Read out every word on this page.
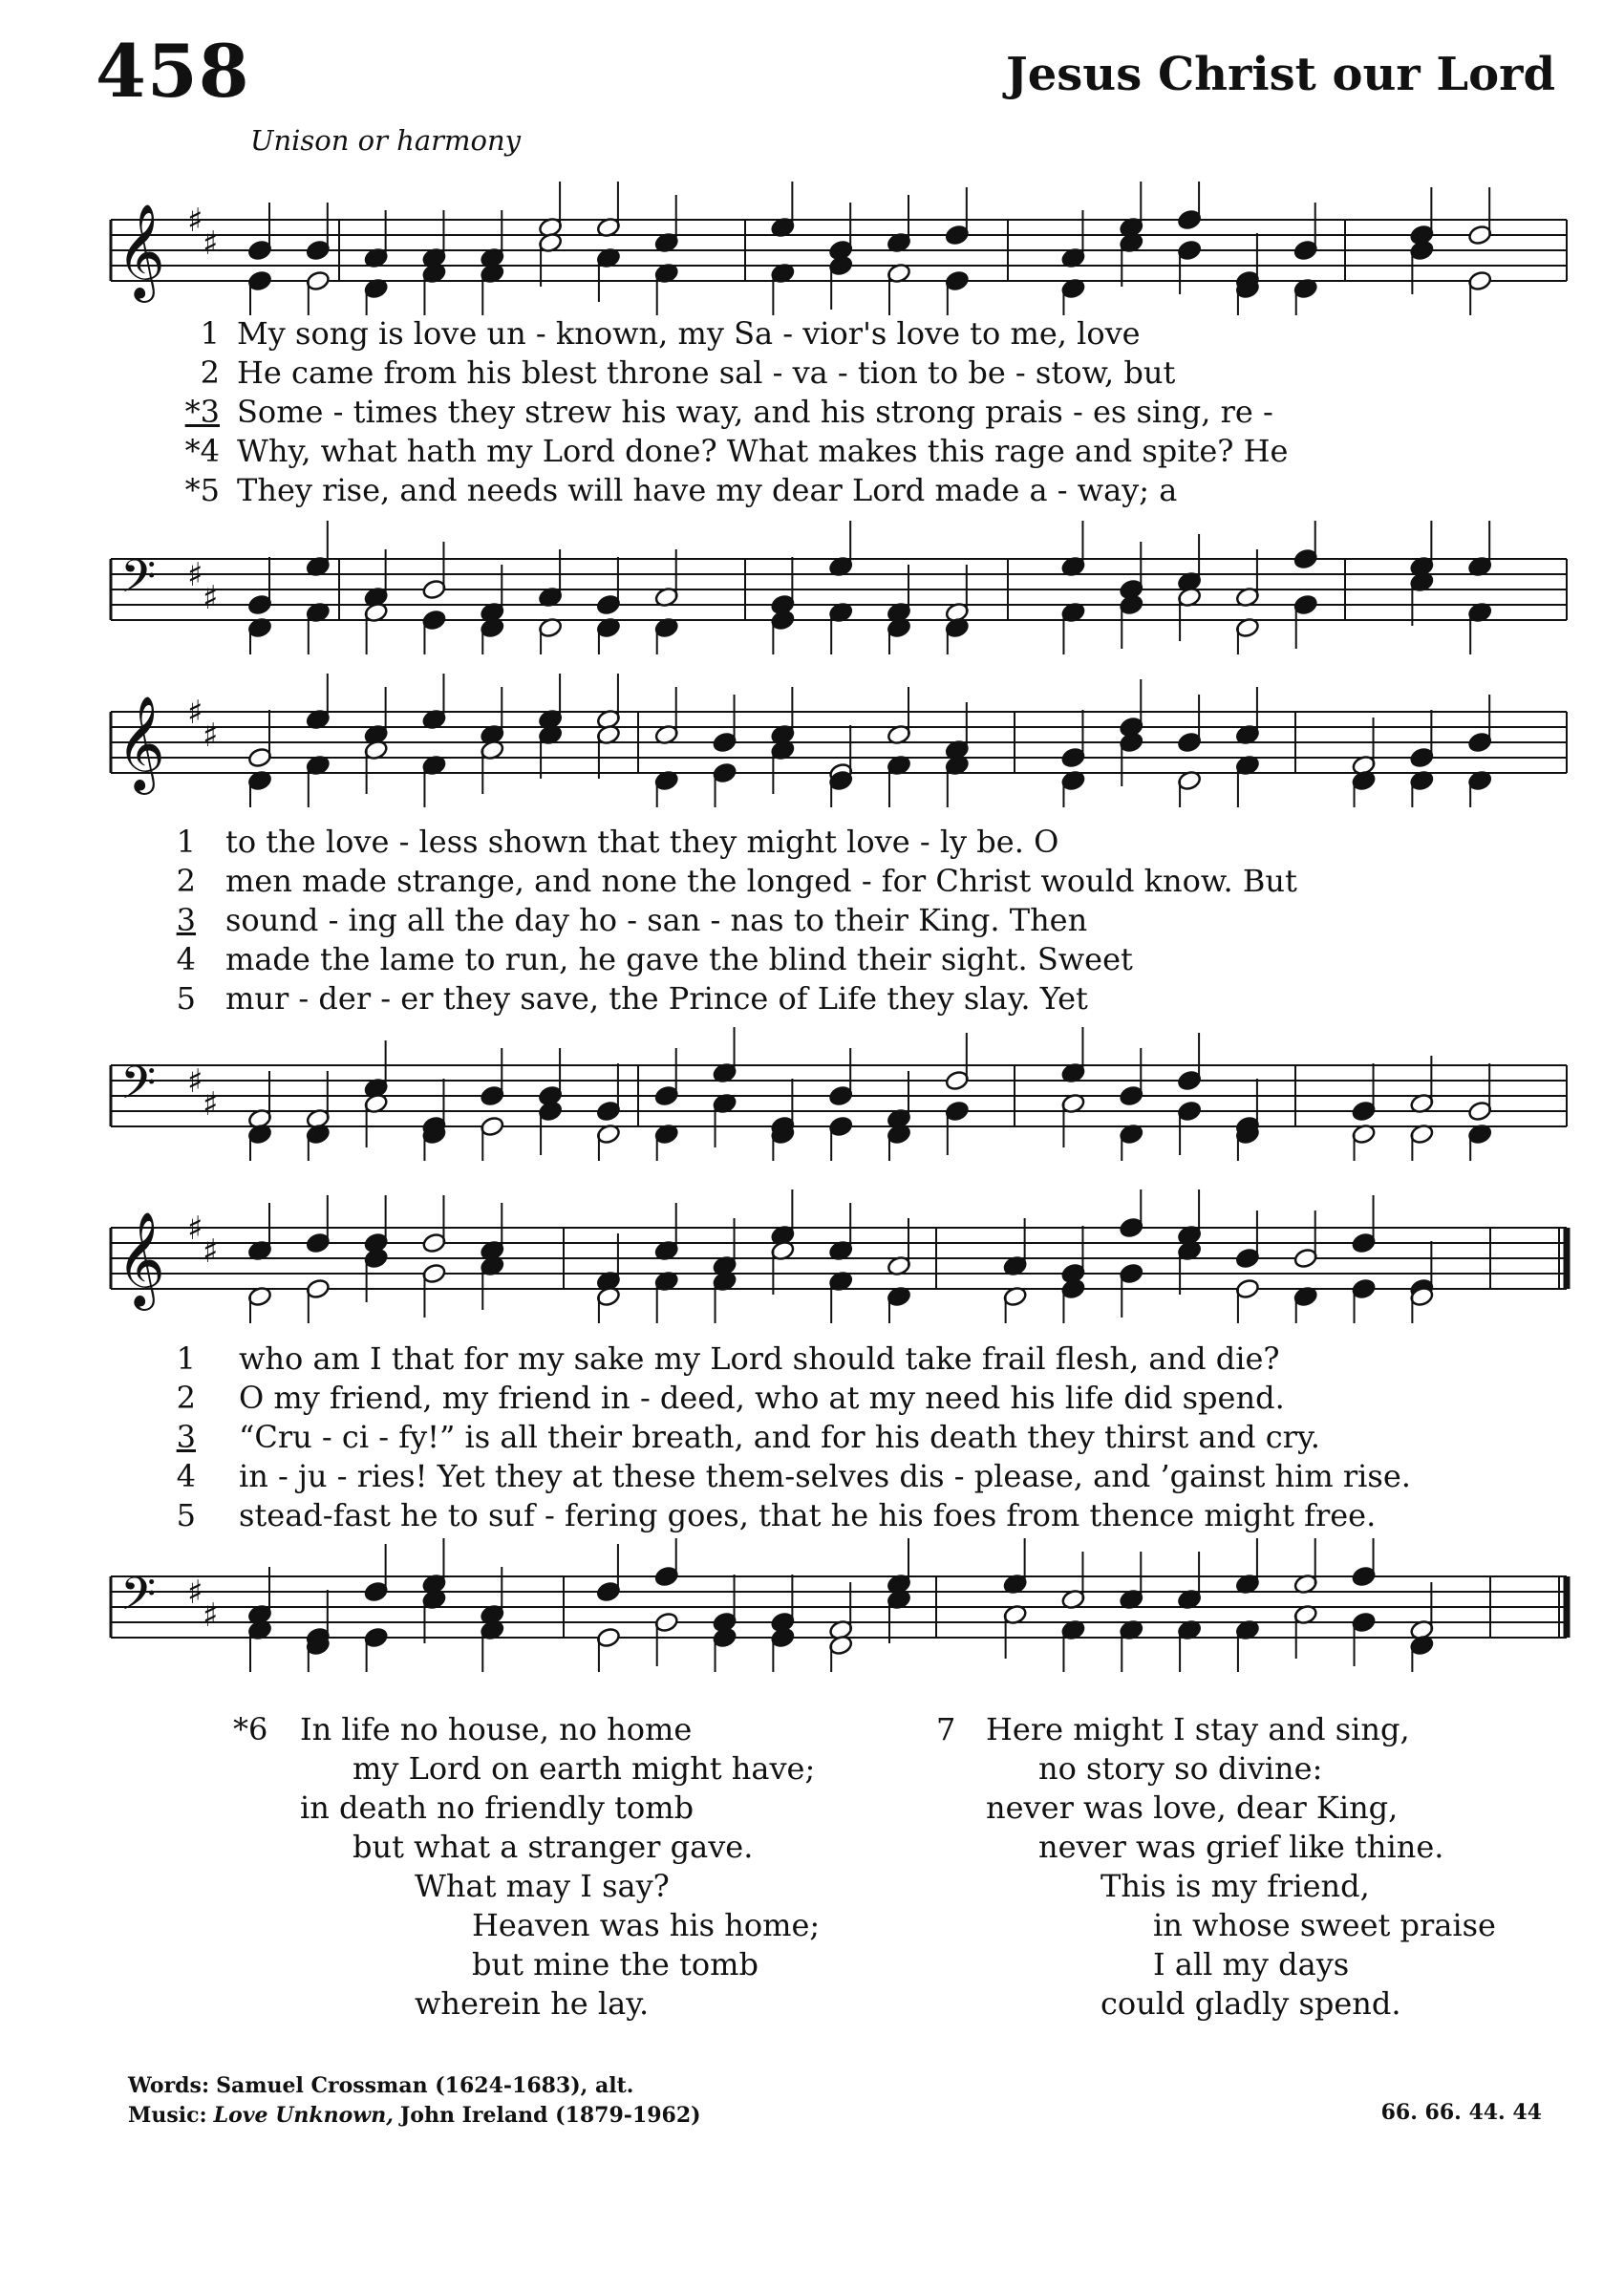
458	Jesus Christ our Lord
Unison or harmony
𝄞 ♯
♯
1 My song is love un - known, my Sa - vior's love to me, love
2 He came from his blest throne sal - va - tion to be - stow, but
*3 Some - times they strew his way, and his strong prais - es sing, re -
*4 Why, what hath my Lord done? What makes this rage and spite? He
*5 They rise, and needs will have my dear Lord made a - way; a
𝄢 ♯
♯
𝄞 ♯
♯
1 to the love - less shown that they might love - ly be. O
2 men made strange, and none the longed - for Christ would know. But
3 sound - ing all the day ho - san - nas to their King. Then
4 made the lame to run, he gave the blind their sight. Sweet
5 mur - der - er they save, the Prince of Life they slay. Yet
𝄢 ♯
♯
𝄞 ♯
♯
1 who am I that for my sake my Lord should take frail flesh, and die?
2 O my friend, my friend in - deed, who at my need his life did spend.
3 “Cru - ci - fy!” is all their breath, and for his death they thirst and cry.
4 in - ju - ries! Yet they at these them-selves dis - please, and ’gainst him rise.
5 stead-fast he to suf - fering goes, that he his foes from thence might free.
𝄢 ♯
♯
*6 In life no house, no home
my Lord on earth might have;
in death no friendly tomb
but what a stranger gave.
What may I say?
Heaven was his home;
but mine the tomb
wherein he lay.
7 Here might I stay and sing,
no story so divine:
never was love, dear King,
never was grief like thine.
This is my friend,
in whose sweet praise
I all my days
could gladly spend.
Words: Samuel Crossman (1624-1683), alt.
Music: Love Unknown, John Ireland (1879-1962)	66. 66. 44. 44
